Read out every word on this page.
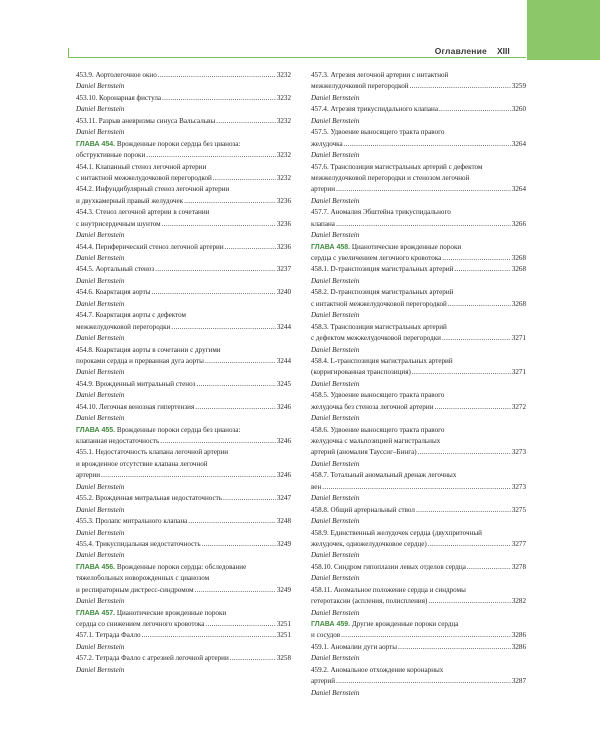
Оглавление XIII
453.9. Аортолегочное окно .....	3232
Daniel Bernstein
453.10. Коронарная фистула .....	3232
Daniel Bernstein
453.11. Разрыв аневризмы синуса Вальсальвы .....	3232
Daniel Bernstein
ГЛАВА 454. Врожденные пороки сердца без цианоза:
обструктивные пороки .....	3232
454.1. Клапанный стеноз легочной артерии
с интактной межжелудочковой перегородкой .....	3232
454.2. Инфундибулярный стеноз легочной артерии
и двухкамерный правый желудочек .....	3236
454.3. Стеноз легочной артерии в сочетании
с внутрисердечным шунтом .....	3236
Daniel Bernstein
454.4. Периферический стеноз легочной артерии .....	3236
Daniel Bernstein
454.5. Аортальный стеноз .....	3237
Daniel Bernstein
454.6. Коарктация аорты .....	3240
Daniel Bernstein
454.7. Коарктация аорты с дефектом
межжелудочковой перегородки .....	3244
Daniel Bernstein
454.8. Коарктация аорты в сочетании с другими
пороками сердца и прерванная дуга аорты .....	3244
Daniel Bernstein
454.9. Врожденный митральный стеноз .....	3245
Daniel Bernstein
454.10. Легочная венозная гипертензия .....	3246
Daniel Bernstein
ГЛАВА 455. Врожденные пороки сердца без цианоза:
клапанная недостаточность .....	3246
455.1. Недостаточность клапана легочной артерии
и врожденное отсутствие клапана легочной
артерии .....	3246
Daniel Bernstein
455.2. Врожденная митральная недостаточность .....	3247
Daniel Bernstein
455.3. Пролапс митрального клапана .....	3248
Daniel Bernstein
455.4. Трикуспидальная недостаточность .....	3249
Daniel Bernstein
ГЛАВА 456. Врожденные пороки сердца: обследование
тяжелобольных новорожденных с цианозом
и респираторным дистресс-синдромом .....	3249
Daniel Bernstein
ГЛАВА 457. Цианотические врожденные пороки
сердца со снижением легочного кровотока .....	3251
457.1. Тетрада Фалло .....	3251
Daniel Bernstein
457.2. Тетрада Фалло с атрезией легочной артерии .....	3258
Daniel Bernstein
457.3. Атрезия легочной артерии с интактной
межжелудочковой перегородкой .....	3259
Daniel Bernstein
457.4. Атрезия трикуспидального клапана .....	3260
Daniel Bernstein
457.5. Удвоение выносящего тракта правого
желудочка .....	3264
Daniel Bernstein
457.6. Транспозиция магистральных артерий с дефектом
межжелудочковой перегородки и стенозом легочной
артерии .....	3264
Daniel Bernstein
457.7. Аномалия Эбштейна трикуспидального
клапана .....	3266
Daniel Bernstein
ГЛАВА 458. Цианотические врожденные пороки
сердца с увеличением легочного кровотока .....	3268
458.1. D-транспозиция магистральных артерий .....	3268
Daniel Bernstein
458.2. D-транспозиция магистральных артерий
с интактной межжелудочковой перегородкой .....	3268
Daniel Bernstein
458.3. Транспозиция магистральных артерий
с дефектом межжелудочковой перегородки .....	3271
Daniel Bernstein
458.4. L-транспозиция магистральных артерий
(корригированная транспозиция) .....	3271
Daniel Bernstein
458.5. Удвоение выносящего тракта правого
желудочка без стеноза легочной артерии .....	3272
Daniel Bernstein
458.6. Удвоение выносящего тракта правого
желудочка с мальпозицией магистральных
артерий (аномалия Тауссиг–Бинга) .....	3273
Daniel Bernstein
458.7. Тотальный аномальный дренаж легочных
вен .....	3273
Daniel Bernstein
458.8. Общий артериальный ствол .....	3275
Daniel Bernstein
458.9. Единственный желудочек сердца (двухприточный
желудочек, одножелудочковое сердце) .....	3277
Daniel Bernstein
458.10. Синдром гипоплазии левых отделов сердца .....	3278
Daniel Bernstein
458.11. Аномальное положение сердца и синдромы
гетеротаксии (аспления, полиспления) .....	3282
Daniel Bernstein
ГЛАВА 459. Другие врожденные пороки сердца
и сосудов .....	3286
459.1. Аномалии дуги аорты .....	3286
Daniel Bernstein
459.2. Аномальное отхождение коронарных
артерий .....	3287
Daniel Bernstein
